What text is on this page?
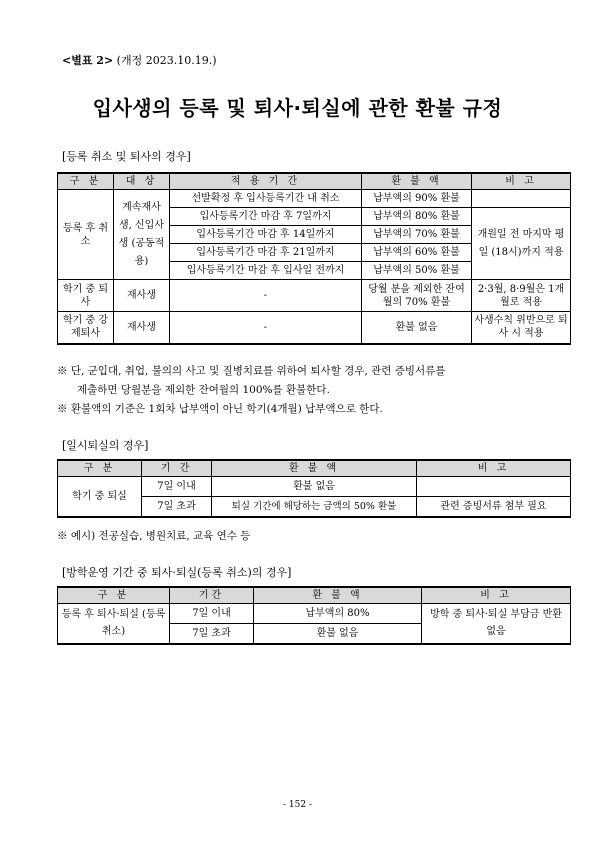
<별표 2> (개정 2023.10.19.)
입사생의 등록 및 퇴사·퇴실에 관한 환불 규정
[등록 취소 및 퇴사의 경우]
구 분	대 상	적 용 기 간	환 불 액	비 고
등록 후 취소	계속재사생, 신입사생 (공동적용)	선발확정 후 입사등록기간 내 취소	납부액의 90% 환불	
		입사등록기간 마감 후 7일까지	납부액의 80% 환불	개원일 전 마지막 평일 (18시)까지 적용
		입사등록기간 마감 후 14일까지	납부액의 70% 환불	
		입사등록기간 마감 후 21일까지	납부액의 60% 환불	
		입사등록기간 마감 후 입사일 전까지	납부액의 50% 환불	
학기 중 퇴사	재사생	-	당월 분을 제외한 잔여 월의 70% 환불	2·3월, 8·9월은 1개월로 적용
학기 중 강제퇴사	재사생	-	환불 없음	사생수칙 위반으로 퇴사 시 적용
※ 단, 군입대, 취업, 불의의 사고 및 질병치료를 위하여 퇴사할 경우, 관련 증빙서류를
제출하면 당월분을 제외한 잔여월의 100%를 환불한다.
※ 환불액의 기준은 1회차 납부액이 아닌 학기(4개월) 납부액으로 한다.
[일시퇴실의 경우]
구 분	기 간	환 불 액	비 고
학기 중 퇴실	7일 이내	환불 없음	
	7일 초과	퇴실 기간에 해당하는 금액의 50% 환불	관련 증빙서류 첨부 필요
※ 예시) 전공실습, 병원치료, 교육 연수 등
[방학운영 기간 중 퇴사·퇴실(등록 취소)의 경우]
구 분	기간	환 불 액	비 고
등록 후 퇴사·퇴실 (등록취소)	7일 이내	납부액의 80%	방학 중 퇴사·퇴실 부담금 반환 없음
	7일 초과	환불 없음	
- 152 -
